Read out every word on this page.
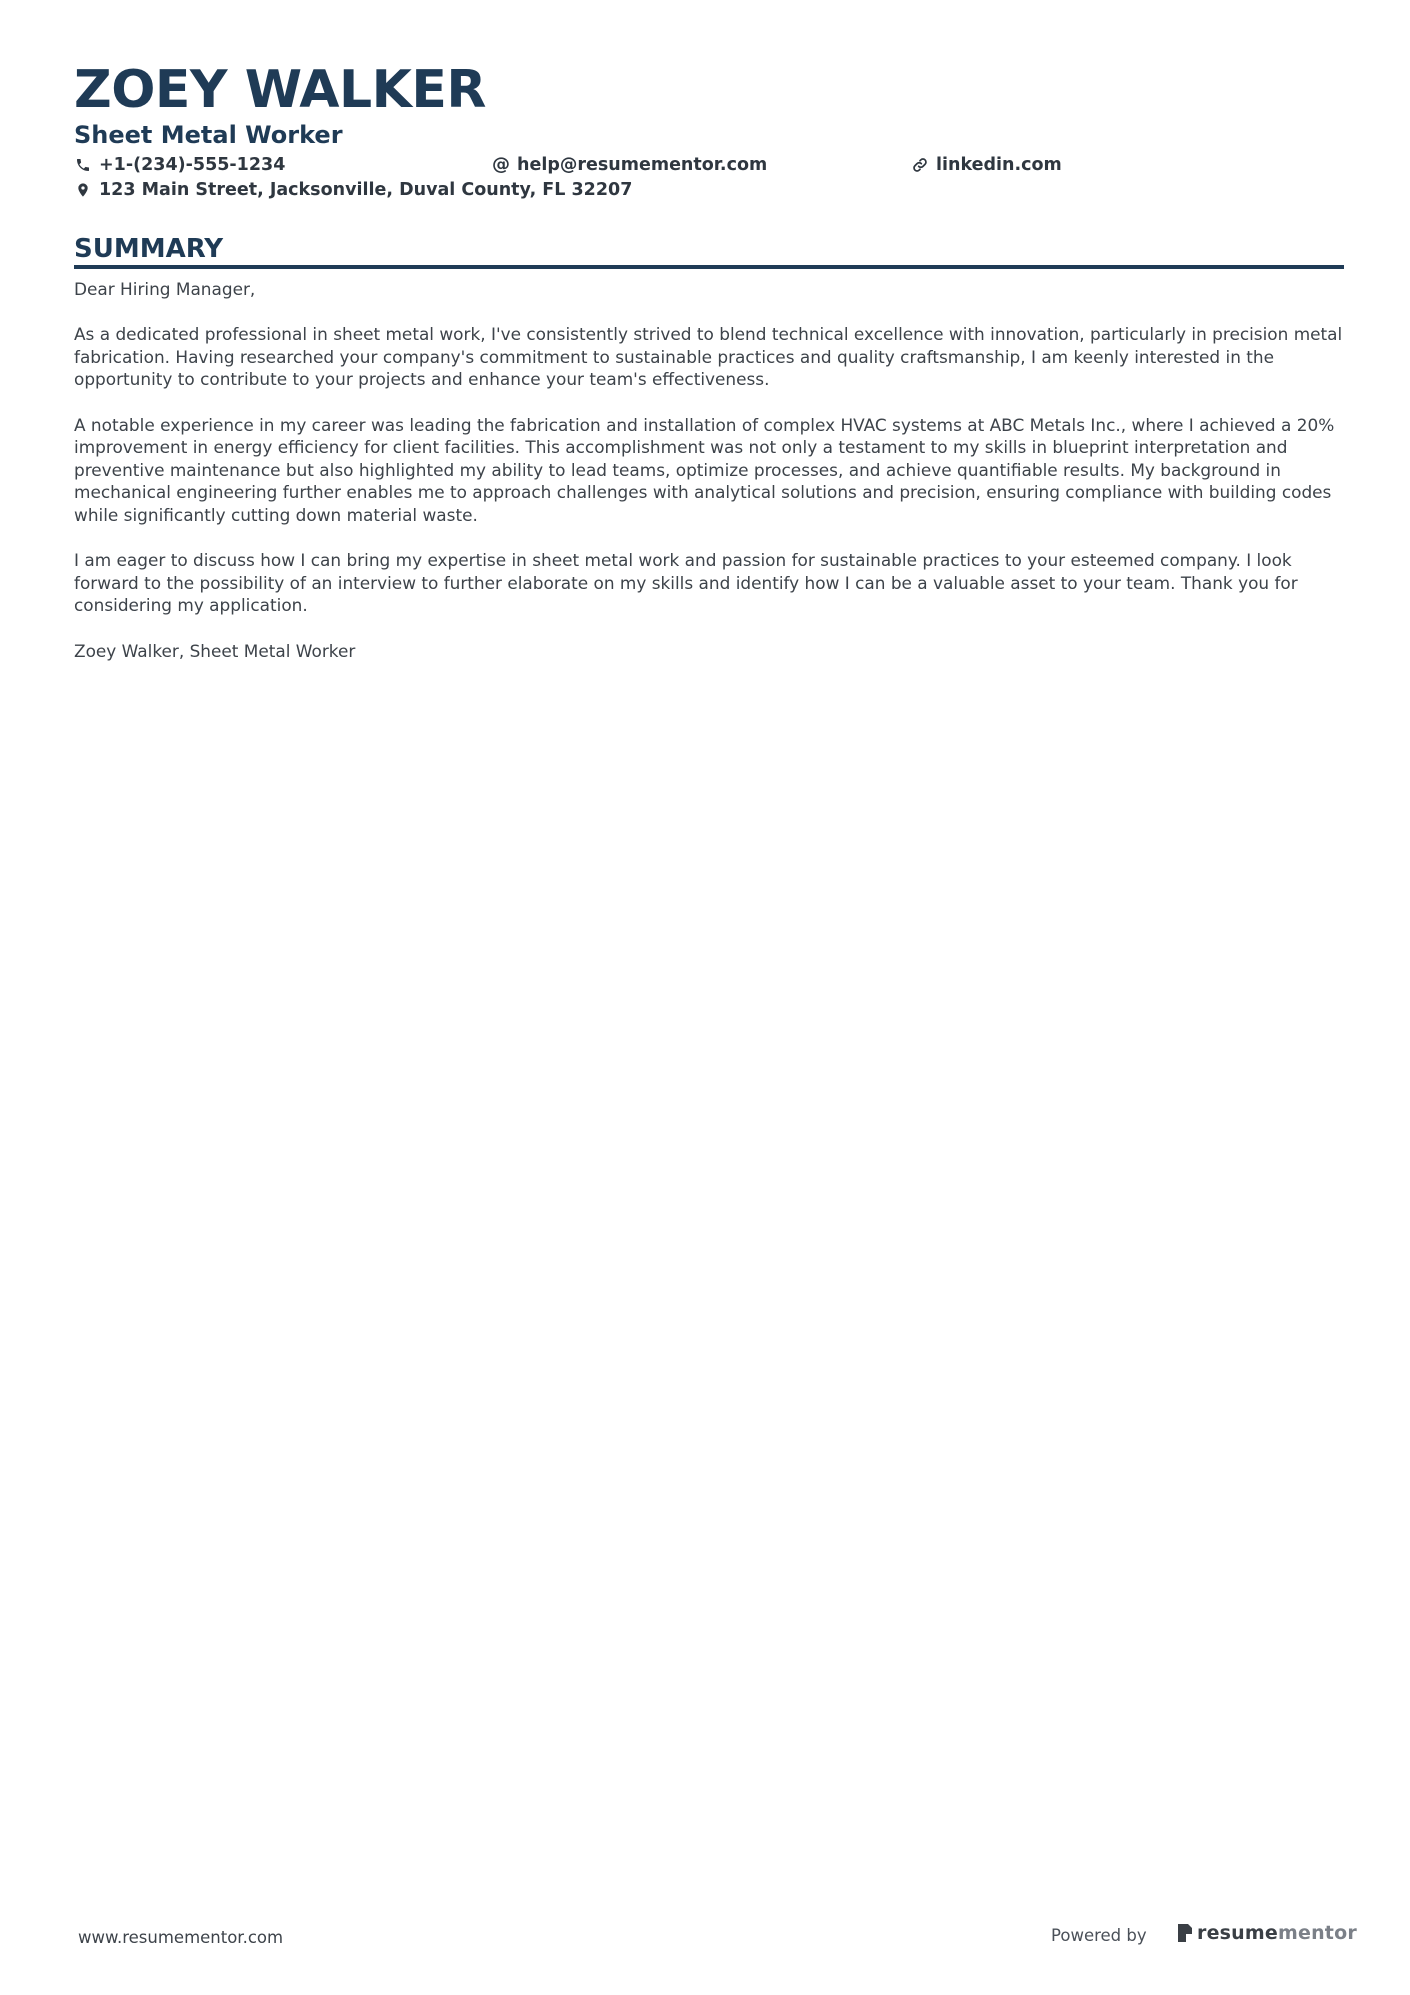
ZOEY WALKER
Sheet Metal Worker
+1-(234)-555-1234	@ help@resumementor.com	linkedin.com
123 Main Street, Jacksonville, Duval County, FL 32207
SUMMARY

Dear Hiring Manager,

As a dedicated professional in sheet metal work, I've consistently strived to blend technical excellence with innovation, particularly in precision metal fabrication. Having researched your company's commitment to sustainable practices and quality craftsmanship, I am keenly interested in the opportunity to contribute to your projects and enhance your team's effectiveness.

A notable experience in my career was leading the fabrication and installation of complex HVAC systems at ABC Metals Inc., where I achieved a 20% improvement in energy efficiency for client facilities. This accomplishment was not only a testament to my skills in blueprint interpretation and preventive maintenance but also highlighted my ability to lead teams, optimize processes, and achieve quantifiable results. My background in mechanical engineering further enables me to approach challenges with analytical solutions and precision, ensuring compliance with building codes while significantly cutting down material waste.

I am eager to discuss how I can bring my expertise in sheet metal work and passion for sustainable practices to your esteemed company. I look forward to the possibility of an interview to further elaborate on my skills and identify how I can be a valuable asset to your team. Thank you for considering my application.

Zoey Walker, Sheet Metal Worker

www.resumementor.com	Powered by	resumementor
